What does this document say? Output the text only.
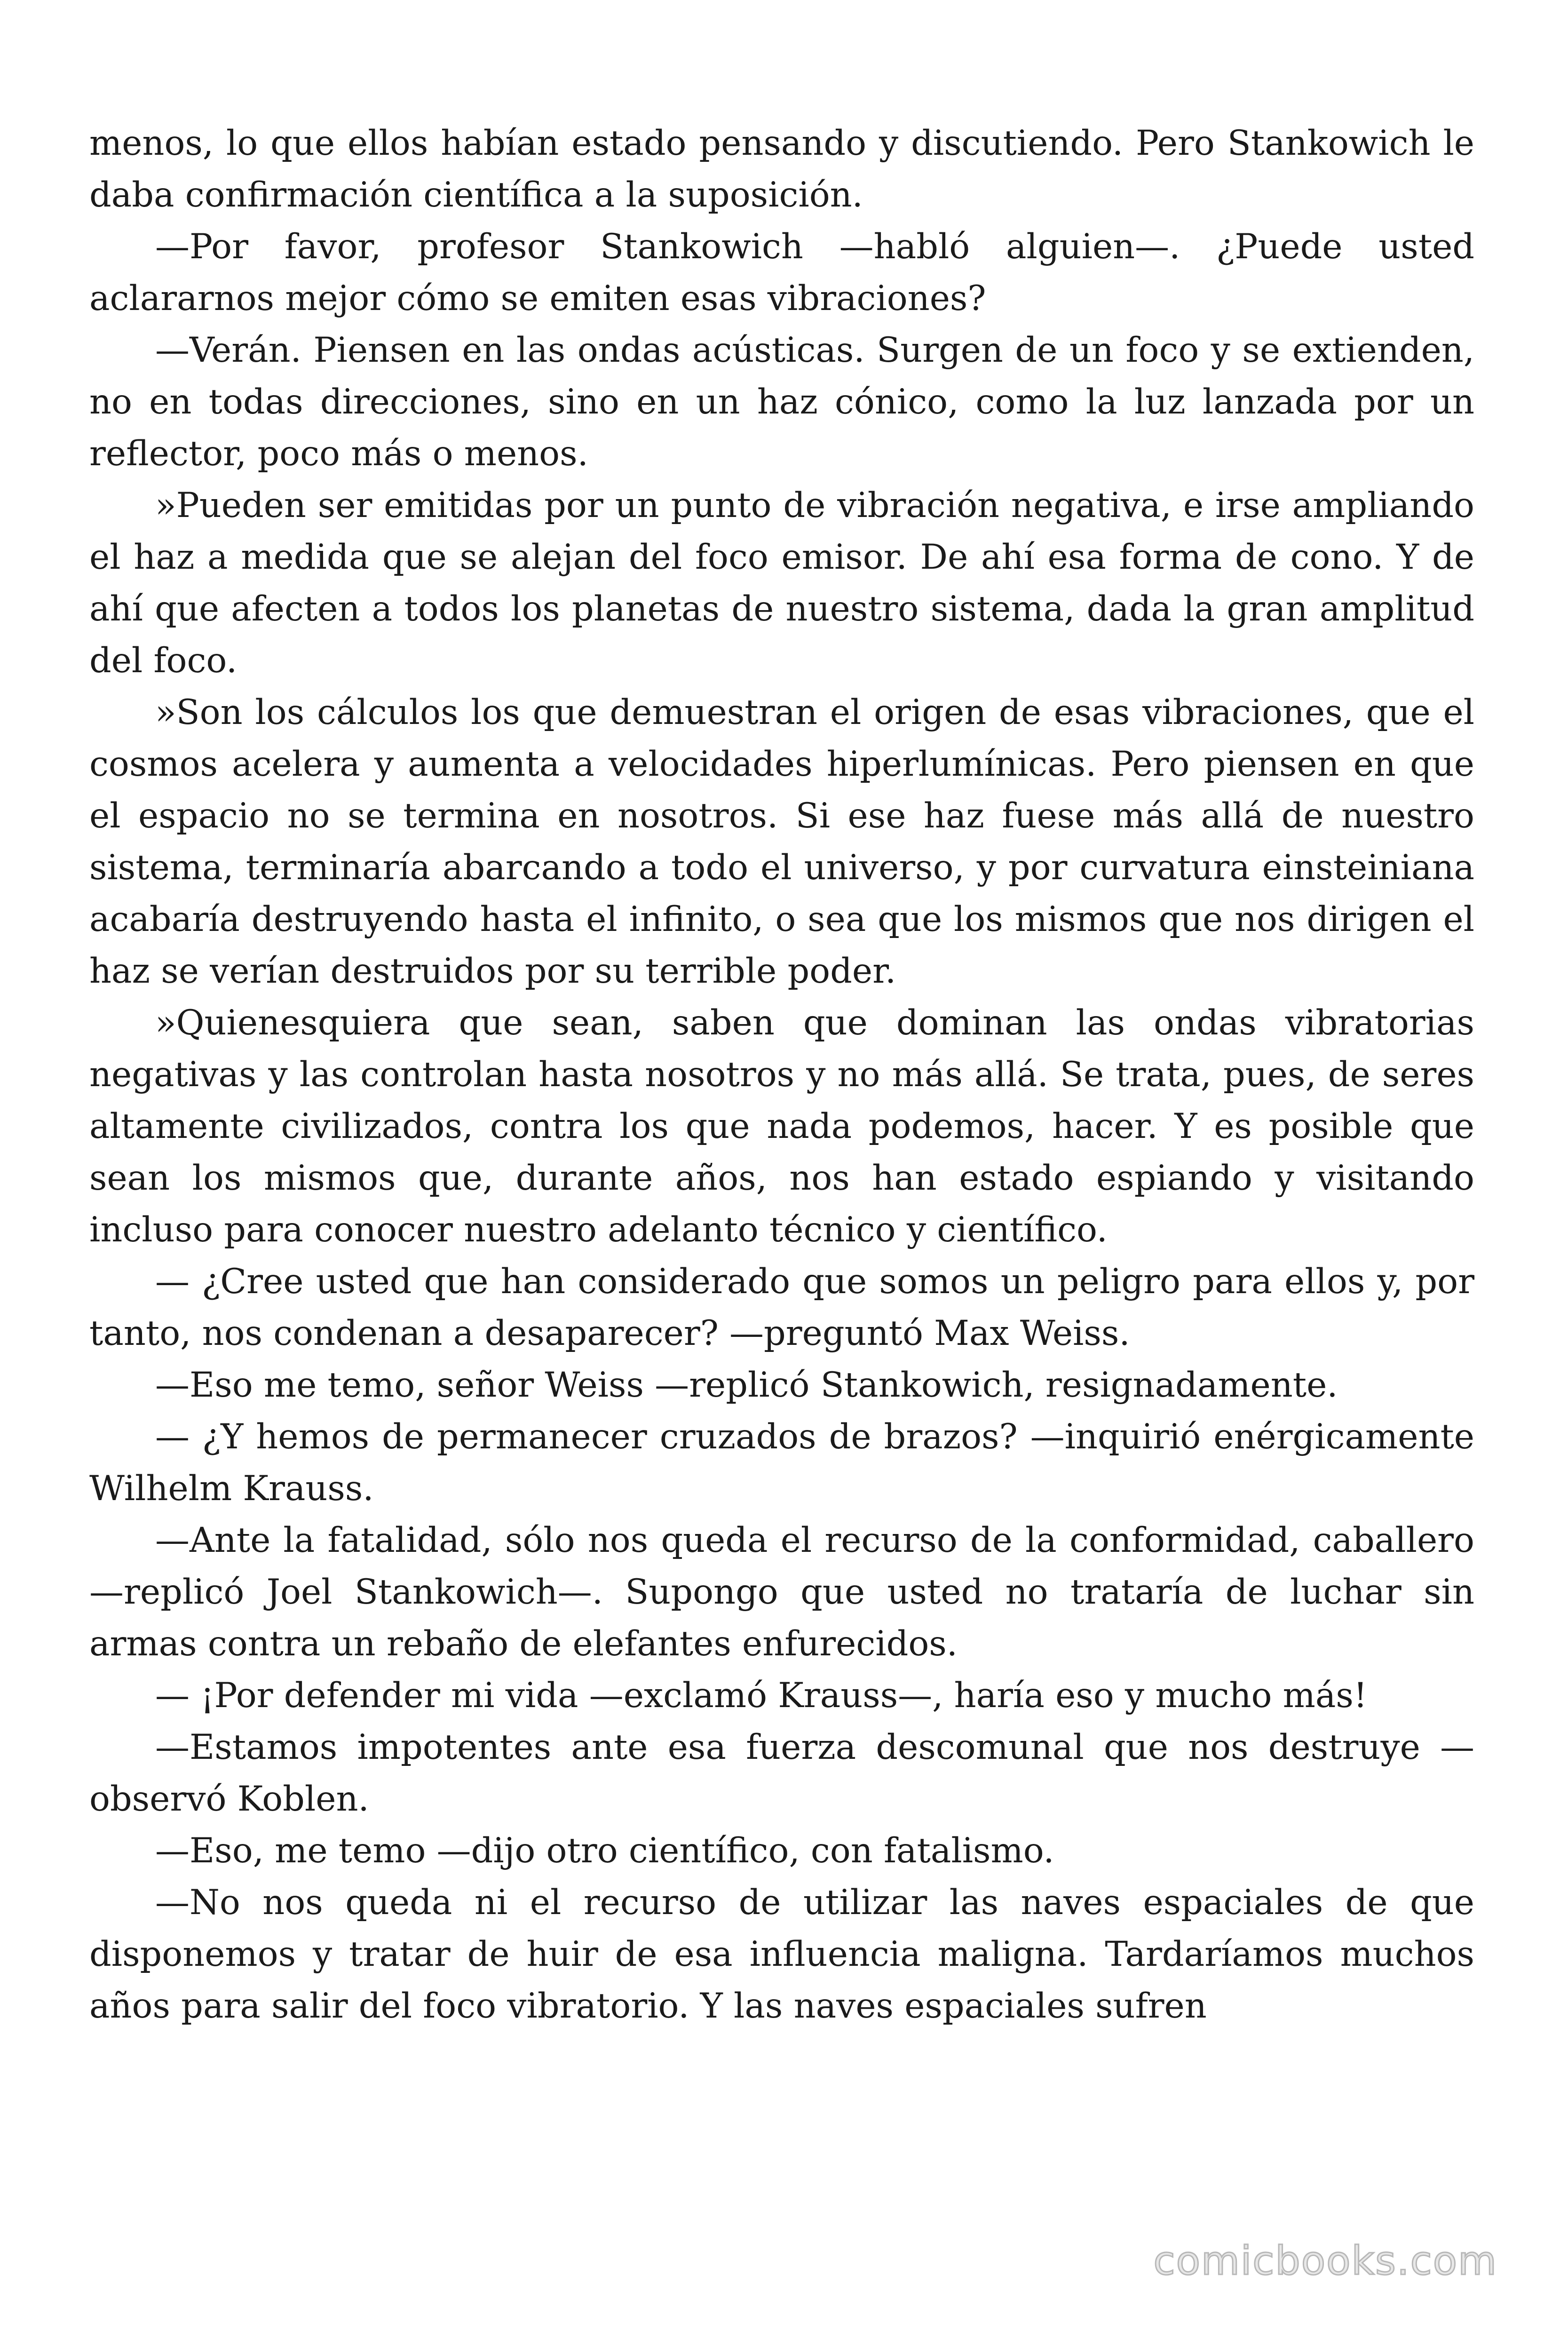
menos, lo que ellos habían estado pensando y discutiendo. Pero Stankowich le daba confirmación científica a la suposición.

—Por favor, profesor Stankowich —habló alguien—. ¿Puede usted aclararnos mejor cómo se emiten esas vibraciones?

—Verán. Piensen en las ondas acústicas. Surgen de un foco y se extienden, no en todas direcciones, sino en un haz cónico, como la luz lanzada por un reflector, poco más o menos.

»Pueden ser emitidas por un punto de vibración negativa, e irse ampliando el haz a medida que se alejan del foco emisor. De ahí esa forma de cono. Y de ahí que afecten a todos los planetas de nuestro sistema, dada la gran amplitud del foco.

»Son los cálculos los que demuestran el origen de esas vibraciones, que el cosmos acelera y aumenta a velocidades hiperlumínicas. Pero piensen en que el espacio no se termina en nosotros. Si ese haz fuese más allá de nuestro sistema, terminaría abarcando a todo el universo, y por curvatura einsteiniana acabaría destruyendo hasta el infinito, o sea que los mismos que nos dirigen el haz se verían destruidos por su terrible poder.

»Quienesquiera que sean, saben que dominan las ondas vibratorias negativas y las controlan hasta nosotros y no más allá. Se trata, pues, de seres altamente civilizados, contra los que nada podemos, hacer. Y es posible que sean los mismos que, durante años, nos han estado espiando y visitando incluso para conocer nuestro adelanto técnico y científico.

— ¿Cree usted que han considerado que somos un peligro para ellos y, por tanto, nos condenan a desaparecer? —preguntó Max Weiss.

—Eso me temo, señor Weiss —replicó Stankowich, resignadamente.

— ¿Y hemos de permanecer cruzados de brazos? —inquirió enérgicamente Wilhelm Krauss.

—Ante la fatalidad, sólo nos queda el recurso de la conformidad, caballero —replicó Joel Stankowich—. Supongo que usted no trataría de luchar sin armas contra un rebaño de elefantes enfurecidos.

— ¡Por defender mi vida —exclamó Krauss—, haría eso y mucho más!

—Estamos impotentes ante esa fuerza descomunal que nos destruye —observó Koblen.

—Eso, me temo —dijo otro científico, con fatalismo.

—No nos queda ni el recurso de utilizar las naves espaciales de que disponemos y tratar de huir de esa influencia maligna. Tardaríamos muchos años para salir del foco vibratorio. Y las naves espaciales sufren

comicbooks.com
